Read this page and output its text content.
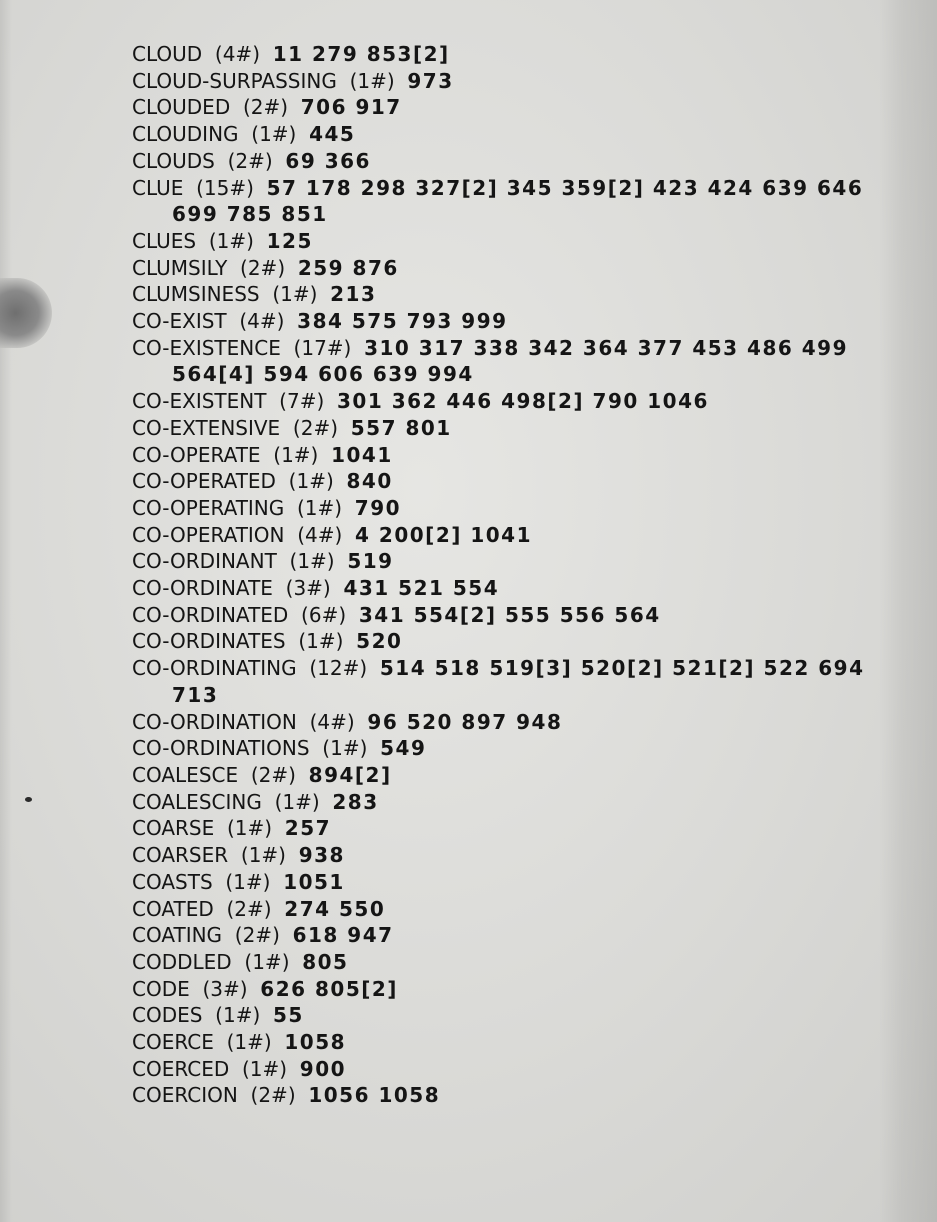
CLOUD (4#) 11 279 853[2]
CLOUD-SURPASSING (1#) 973
CLOUDED (2#) 706 917
CLOUDING (1#) 445
CLOUDS (2#) 69 366
CLUE (15#) 57 178 298 327[2] 345 359[2] 423 424 639 646 699 785 851
CLUES (1#) 125
CLUMSILY (2#) 259 876
CLUMSINESS (1#) 213
CO-EXIST (4#) 384 575 793 999
CO-EXISTENCE (17#) 310 317 338 342 364 377 453 486 499 564[4] 594 606 639 994
CO-EXISTENT (7#) 301 362 446 498[2] 790 1046
CO-EXTENSIVE (2#) 557 801
CO-OPERATE (1#) 1041
CO-OPERATED (1#) 840
CO-OPERATING (1#) 790
CO-OPERATION (4#) 4 200[2] 1041
CO-ORDINANT (1#) 519
CO-ORDINATE (3#) 431 521 554
CO-ORDINATED (6#) 341 554[2] 555 556 564
CO-ORDINATES (1#) 520
CO-ORDINATING (12#) 514 518 519[3] 520[2] 521[2] 522 694 713
CO-ORDINATION (4#) 96 520 897 948
CO-ORDINATIONS (1#) 549
COALESCE (2#) 894[2]
COALESCING (1#) 283
COARSE (1#) 257
COARSER (1#) 938
COASTS (1#) 1051
COATED (2#) 274 550
COATING (2#) 618 947
CODDLED (1#) 805
CODE (3#) 626 805[2]
CODES (1#) 55
COERCE (1#) 1058
COERCED (1#) 900
COERCION (2#) 1056 1058
